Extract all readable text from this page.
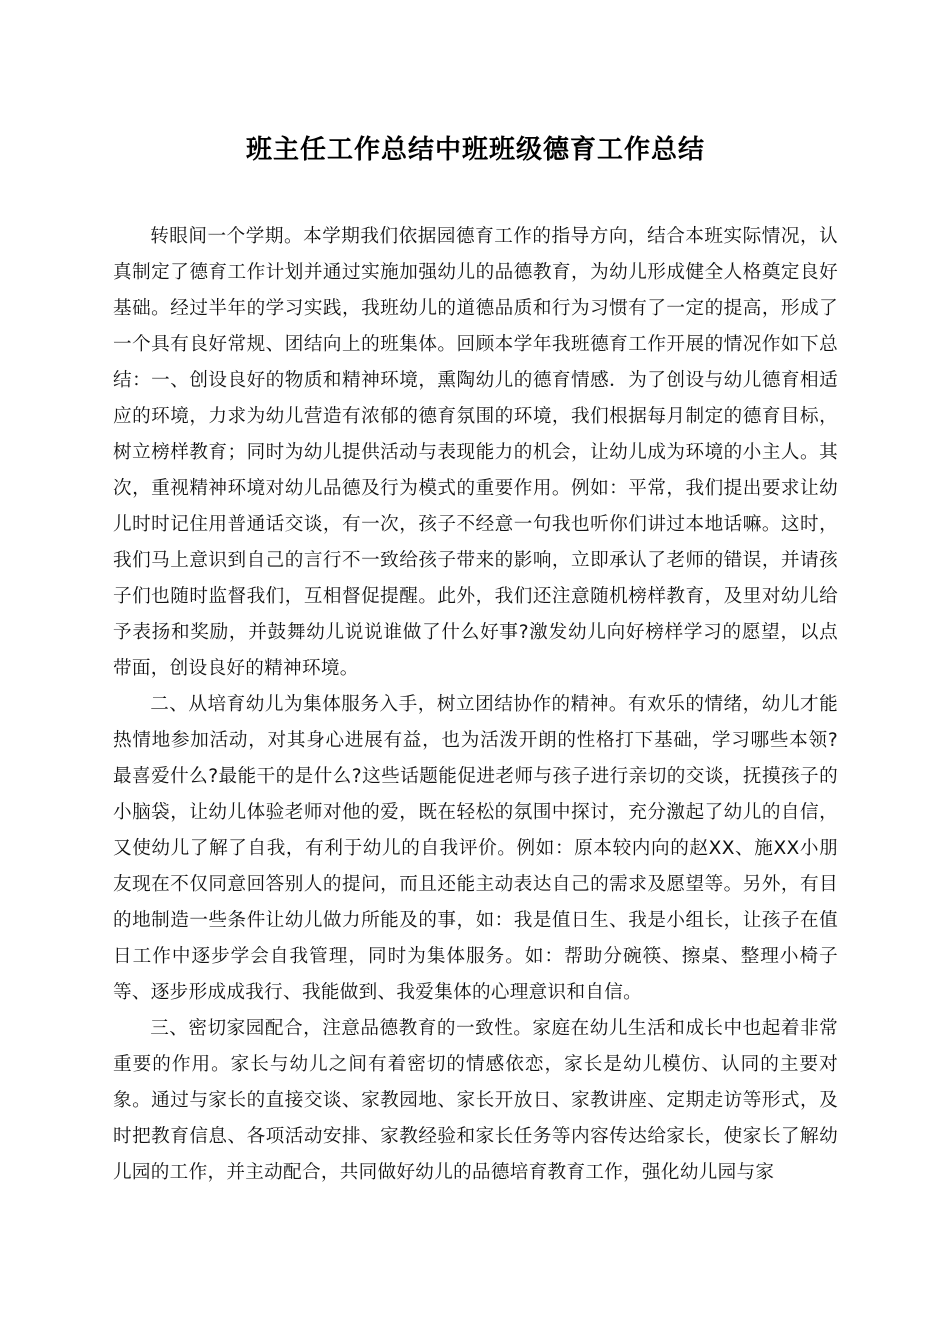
班主任工作总结中班班级德育工作总结

转眼间一个学期。本学期我们依据园德育工作的指导方向，结合本班实际情况，认真制定了德育工作计划并通过实施加强幼儿的品德教育，为幼儿形成健全人格奠定良好基础。经过半年的学习实践，我班幼儿的道德品质和行为习惯有了一定的提高，形成了一个具有良好常规、团结向上的班集体。回顾本学年我班德育工作开展的情况作如下总结：一、创设良好的物质和精神环境，熏陶幼儿的德育情感．为了创设与幼儿德育相适应的环境，力求为幼儿营造有浓郁的德育氛围的环境，我们根据每月制定的德育目标，树立榜样教育；同时为幼儿提供活动与表现能力的机会，让幼儿成为环境的小主人。其次，重视精神环境对幼儿品德及行为模式的重要作用。例如：平常，我们提出要求让幼儿时时记住用普通话交谈，有一次，孩子不经意一句我也听你们讲过本地话嘛。这时，我们马上意识到自己的言行不一致给孩子带来的影响，立即承认了老师的错误，并请孩子们也随时监督我们，互相督促提醒。此外，我们还注意随机榜样教育，及里对幼儿给予表扬和奖励，并鼓舞幼儿说说谁做了什么好事?激发幼儿向好榜样学习的愿望，以点带面，创设良好的精神环境。

二、从培育幼儿为集体服务入手，树立团结协作的精神。有欢乐的情绪，幼儿才能热情地参加活动，对其身心进展有益，也为活泼开朗的性格打下基础，学习哪些本领?最喜爱什么?最能干的是什么?这些话题能促进老师与孩子进行亲切的交谈，抚摸孩子的小脑袋，让幼儿体验老师对他的爱，既在轻松的氛围中探讨，充分激起了幼儿的自信，又使幼儿了解了自我，有利于幼儿的自我评价。例如：原本较内向的赵XX、施XX小朋友现在不仅同意回答别人的提问，而且还能主动表达自己的需求及愿望等。另外，有目的地制造一些条件让幼儿做力所能及的事，如：我是值日生、我是小组长，让孩子在值日工作中逐步学会自我管理，同时为集体服务。如：帮助分碗筷、擦桌、整理小椅子等、逐步形成成我行、我能做到、我爱集体的心理意识和自信。

三、密切家园配合，注意品德教育的一致性。家庭在幼儿生活和成长中也起着非常重要的作用。家长与幼儿之间有着密切的情感依恋，家长是幼儿模仿、认同的主要对象。通过与家长的直接交谈、家教园地、家长开放日、家教讲座、定期走访等形式，及时把教育信息、各项活动安排、家教经验和家长任务等内容传达给家长，使家长了解幼儿园的工作，并主动配合，共同做好幼儿的品德培育教育工作，强化幼儿园与家
